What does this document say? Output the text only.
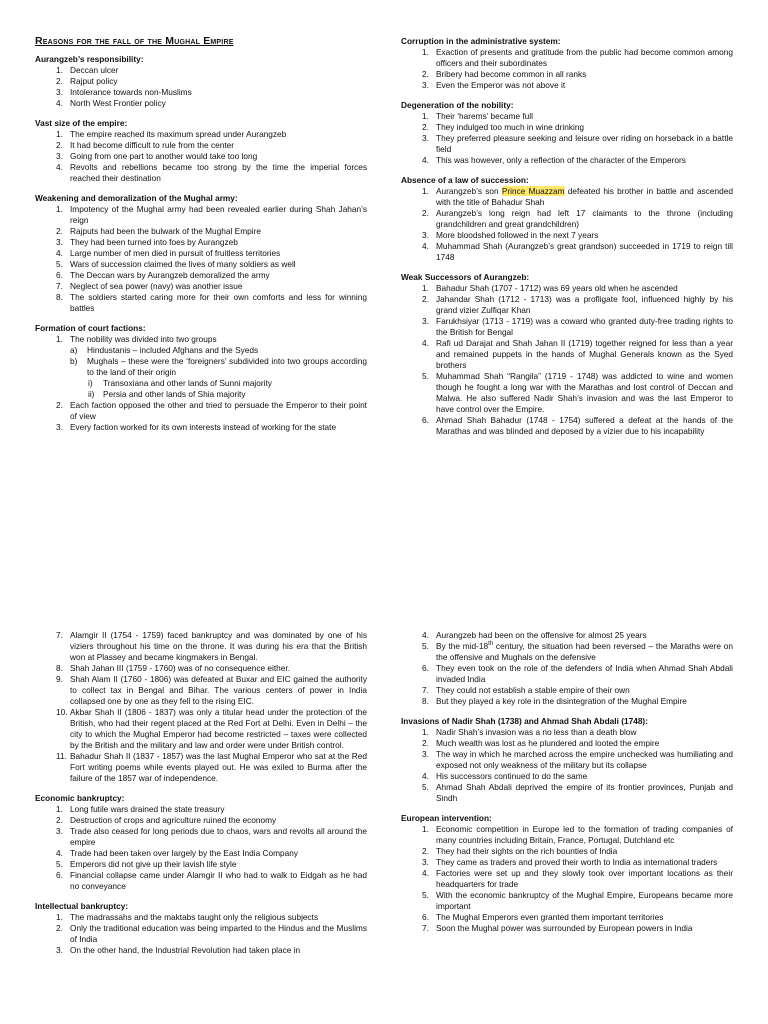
Reasons for the fall of the Mughal Empire
Aurangzeb’s responsibility:
1. Deccan ulcer
2. Rajput policy
3. Intolerance towards non-Muslims
4. North West Frontier policy
Vast size of the empire:
1. The empire reached its maximum spread under Aurangzeb
2. It had become difficult to rule from the center
3. Going from one part to another would take too long
4. Revolts and rebellions became too strong by the time the imperial forces reached their destination
Weakening and demoralization of the Mughal army:
1. Impotency of the Mughal army had been revealed earlier during Shah Jahan’s reign
2. Rajputs had been the bulwark of the Mughal Empire
3. They had been turned into foes by Aurangzeb
4. Large number of men died in pursuit of fruitless territories
5. Wars of succession claimed the lives of many soldiers as well
6. The Deccan wars by Aurangzeb demoralized the army
7. Neglect of sea power (navy) was another issue
8. The soldiers started caring more for their own comforts and less for winning battles
Formation of court factions:
1. The nobility was divided into two groups
a) Hindustanis – included Afghans and the Syeds
b) Mughals – these were the ‘foreigners’ subdivided into two groups according to the land of their origin
i) Transoxiana and other lands of Sunni majority
ii) Persia and other lands of Shia majority
2. Each faction opposed the other and tried to persuade the Emperor to their point of view
3. Every faction worked for its own interests instead of working for the state
Corruption in the administrative system:
1. Exaction of presents and gratitude from the public had become common among officers and their subordinates
2. Bribery had become common in all ranks
3. Even the Emperor was not above it
Degeneration of the nobility:
1. Their ‘harems’ became full
2. They indulged too much in wine drinking
3. They preferred pleasure seeking and leisure over riding on horseback in a battle field
4. This was however, only a reflection of the character of the Emperors
Absence of a law of succession:
1. Aurangzeb’s son Prince Muazzam defeated his brother in battle and ascended with the title of Bahadur Shah
2. Aurangzeb’s long reign had left 17 claimants to the throne (including grandchildren and great grandchildren)
3. More bloodshed followed in the next 7 years
4. Muhammad Shah (Aurangzeb’s great grandson) succeeded in 1719 to reign till 1748
Weak Successors of Aurangzeb:
1. Bahadur Shah (1707 - 1712) was 69 years old when he ascended
2. Jahandar Shah (1712 - 1713) was a profligate fool, influenced highly by his grand vizier Zulfiqar Khan
3. Farukhsiyar (1713 - 1719) was a coward who granted duty-free trading rights to the British for Bengal
4. Rafi ud Darajat and Shah Jahan II (1719) together reigned for less than a year and remained puppets in the hands of Mughal Generals known as the Syed brothers
5. Muhammad Shah “Rangila” (1719 - 1748) was addicted to wine and women though he fought a long war with the Marathas and lost control of Deccan and Malwa. He also suffered Nadir Shah’s invasion and was the last Emperor to have control over the Empire.
6. Ahmad Shah Bahadur (1748 - 1754) suffered a defeat at the hands of the Marathas and was blinded and deposed by a vizier due to his incapability
7. Alamgir II (1754 - 1759) faced bankruptcy and was dominated by one of his viziers throughout his time on the throne. It was during his era that the British won at Plassey and became kingmakers in Bengal.
8. Shah Jahan III (1759 - 1760) was of no consequence either.
9. Shah Alam II (1760 - 1806) was defeated at Buxar and EIC gained the authority to collect tax in Bengal and Bihar. The various centers of power in India collapsed one by one as they fell to the rising EIC.
10. Akbar Shah II (1806 - 1837) was only a titular head under the protection of the British, who had their regent placed at the Red Fort at Delhi. Even in Delhi – the city to which the Mughal Emperor had become restricted – taxes were collected by the British and the military and law and order were under British control.
11. Bahadur Shah II (1837 - 1857) was the last Mughal Emperor who sat at the Red Fort writing poems while events played out. He was exiled to Burma after the failure of the 1857 war of independence.
Economic bankruptcy:
1. Long futile wars drained the state treasury
2. Destruction of crops and agriculture ruined the economy
3. Trade also ceased for long periods due to chaos, wars and revolts all around the empire
4. Trade had been taken over largely by the East India Company
5. Emperors did not give up their lavish life style
6. Financial collapse came under Alamgir II who had to walk to Eidgah as he had no conveyance
Intellectual bankruptcy:
1. The madrassahs and the maktabs taught only the religious subjects
2. Only the traditional education was being imparted to the Hindus and the Muslims of India
3. On the other hand, the Industrial Revolution had taken place in
4. Aurangzeb had been on the offensive for almost 25 years
5. By the mid-18th century, the situation had been reversed – the Maraths were on the offensive and Mughals on the defensive
6. They even took on the role of the defenders of India when Ahmad Shah Abdali invaded India
7. They could not establish a stable empire of their own
8. But they played a key role in the disintegration of the Mughal Empire
Invasions of Nadir Shah (1738) and Ahmad Shah Abdali (1748):
1. Nadir Shah’s invasion was a no less than a death blow
2. Much wealth was lost as he plundered and looted the empire
3. The way in which he marched across the empire unchecked was humiliating and exposed not only weakness of the military but its collapse
4. His successors continued to do the same
5. Ahmad Shah Abdali deprived the empire of its frontier provinces, Punjab and Sindh
European intervention:
1. Economic competition in Europe led to the formation of trading companies of many countries including Britain, France, Portugal, Dutchland etc
2. They had their sights on the rich bounties of India
3. They came as traders and proved their worth to India as international traders
4. Factories were set up and they slowly took over important locations as their headquarters for trade
5. With the economic bankruptcy of the Mughal Empire, Europeans became more important
6. The Mughal Emperors even granted them important territories
7. Soon the Mughal power was surrounded by European powers in India
